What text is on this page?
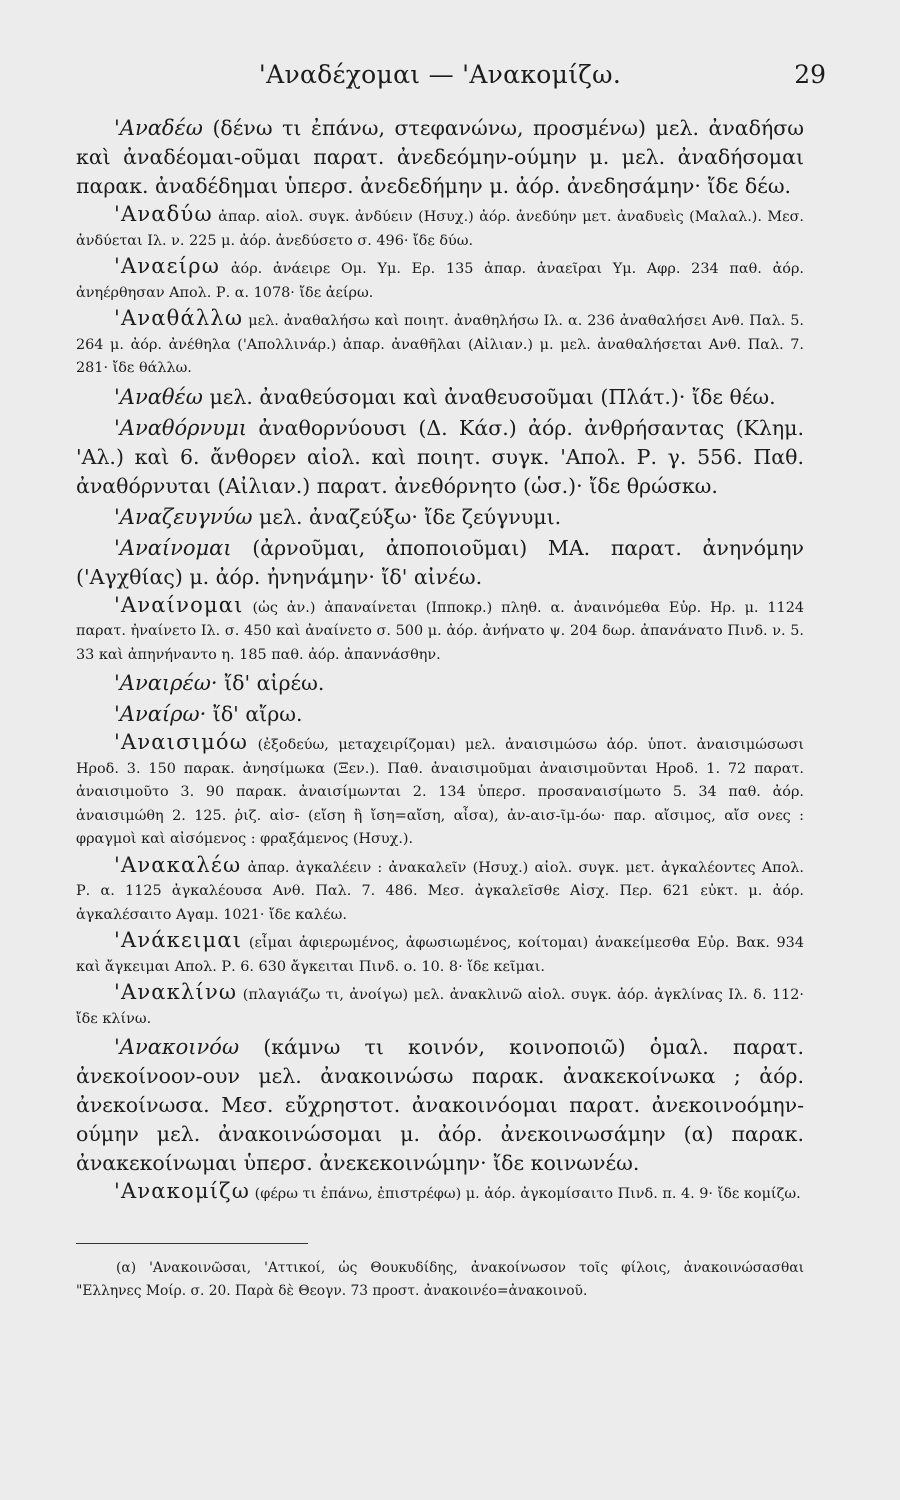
'Αναδέχομαι — 'Ανακομίζω.	29

'Αναδέω (δένω τι ἐπάνω, στεφανώνω, προσμένω) μελ. ἀναδήσω καὶ ἀναδέομαι-οῦμαι παρατ. ἀνεδεόμην-ούμην μ. μελ. ἀναδήσομαι παρακ. ἀναδέδημαι ὑπερσ. ἀνεδεδήμην μ. ἀόρ. ἀνεδησάμην· ἴδε δέω.

'Αναδύω ἀπαρ. αἰολ. συγκ. ἀνδύειν (Ησυχ.) ἀόρ. ἀνεδύην μετ. ἀναδυεὶς (Μαλαλ.). Μεσ. ἀνδύεται Ιλ. ν. 225 μ. ἀόρ. ἀνεδύσετο σ. 496· ἴδε δύω.

'Αναείρω ἀόρ. ἀνάειρε Ομ. Υμ. Ερ. 135 ἀπαρ. ἀναεῖραι Υμ. Αφρ. 234 παθ. ἀόρ. ἀνηέρθησαν Απολ. Ρ. α. 1078· ἴδε ἀείρω.

'Αναθάλλω μελ. ἀναθαλήσω καὶ ποιητ. ἀναθηλήσω Ιλ. α. 236 ἀναθαλήσει Ανθ. Παλ. 5. 264 μ. ἀόρ. ἀνέθηλα ('Απολλινάρ.) ἀπαρ. ἀναθῆλαι (Αἰλιαν.) μ. μελ. ἀναθαλήσεται Ανθ. Παλ. 7. 281· ἴδε θάλλω.

'Αναθέω μελ. ἀναθεύσομαι καὶ ἀναθευσοῦμαι (Πλάτ.)· ἴδε θέω.

'Αναθόρνυμι ἀναθορνύουσι (Δ. Κάσ.) ἀόρ. ἀνθρήσαντας (Κλημ. 'Αλ.) καὶ 6. ἄνθορεν αἰολ. καὶ ποιητ. συγκ. 'Απολ. Ρ. γ. 556. Παθ. ἀναθόρνυται (Αἰλιαν.) παρατ. ἀνεθόρνητο (ὡσ.)· ἴδε θρώσκω.

'Αναζευγνύω μελ. ἀναζεύξω· ἴδε ζεύγνυμι.

'Αναίνομαι (ἀρνοῦμαι, ἀποποιοῦμαι) ΜΑ. παρατ. ἀνηνόμην ('Αγχθίας) μ. ἀόρ. ἠνηνάμην· ἴδ' αἰνέω.

'Αναίνομαι (ὡς ἀν.) ἀπαναίνεται (Ιπποκρ.) πληθ. α. ἀναινόμεθα Εὐρ. Ηρ. μ. 1124 παρατ. ἠναίνετο Ιλ. σ. 450 καὶ ἀναίνετο σ. 500 μ. ἀόρ. ἀνήνατο ψ. 204 δωρ. ἀπανάνατο Πινδ. ν. 5. 33 καὶ ἀπηνήναντο η. 185 παθ. ἀόρ. ἀπαννάσθην.

'Αναιρέω· ἴδ' αἱρέω.

'Αναίρω· ἴδ' αἴρω.

'Αναισιμόω (ἐξοδεύω, μεταχειρίζομαι) μελ. ἀναισιμώσω ἀόρ. ὑποτ. ἀναισιμώσωσι Ηροδ. 3. 150 παρακ. ἀνησίμωκα (Ξεν.). Παθ. ἀναισιμοῦμαι ἀναισιμοῦνται Ηροδ. 1. 72 παρατ. ἀναισιμοῦτο 3. 90 παρακ. ἀναισίμωνται 2. 134 ὑπερσ. προσαναισίμωτο 5. 34 παθ. ἀόρ. ἀναισιμώθη 2. 125. ῥιζ. αἰσ- (εἴση ἢ ἴση=αἴση, αἶσα), ἀν-αισ-ῖμ-όω· παρ. αἴσιμος, αἴσ ονες : φραγμοὶ καὶ αἰσόμενος : φραξάμενος (Ησυχ.).

'Ανακαλέω ἀπαρ. ἀγκαλέειν : ἀνακαλεῖν (Ησυχ.) αἰολ. συγκ. μετ. ἀγκαλέοντες Απολ. Ρ. α. 1125 ἀγκαλέουσα Ανθ. Παλ. 7. 486. Μεσ. ἀγκαλεῖσθε Αἰσχ. Περ. 621 εὐκτ. μ. ἀόρ. ἀγκαλέσαιτο Αγαμ. 1021· ἴδε καλέω.

'Ανάκειμαι (εἶμαι ἀφιερωμένος, ἀφωσιωμένος, κοίτομαι) ἀνακείμεσθα Εὐρ. Βακ. 934 καὶ ἄγκειμαι Απολ. Ρ. 6. 630 ἄγκειται Πινδ. ο. 10. 8· ἴδε κεῖμαι.

'Ανακλίνω (πλαγιάζω τι, ἀνοίγω) μελ. ἀνακλινῶ αἰολ. συγκ. ἀόρ. ἀγκλίνας Ιλ. δ. 112· ἴδε κλίνω.

'Ανακοινόω (κάμνω τι κοινόν, κοινοποιῶ) ὁμαλ. παρατ. ἀνεκοίνοον-ουν μελ. ἀνακοινώσω παρακ. ἀνακεκοίνωκα ; ἀόρ. ἀνεκοίνωσα. Μεσ. εὔχρηστοτ. ἀνακοινόομαι παρατ. ἀνεκοινοόμην-ούμην μελ. ἀνακοινώσομαι μ. ἀόρ. ἀνεκοινωσάμην (α) παρακ. ἀνακεκοίνωμαι ὑπερσ. ἀνεκεκοινώμην· ἴδε κοινωνέω.

'Ανακομίζω (φέρω τι ἐπάνω, ἐπιστρέφω) μ. ἀόρ. ἀγκομίσαιτο Πινδ. π. 4. 9· ἴδε κομίζω.

(α) 'Ανακοινῶσαι, 'Αττικοί, ὡς Θουκυδίδης, ἀνακοίνωσον τοῖς φίλοις, ἀνακοινώσασθαι "Ελληνες Μοίρ. σ. 20. Παρὰ δὲ Θεογν. 73 προστ. ἀνακοινέο=ἀνακοινοῦ.
